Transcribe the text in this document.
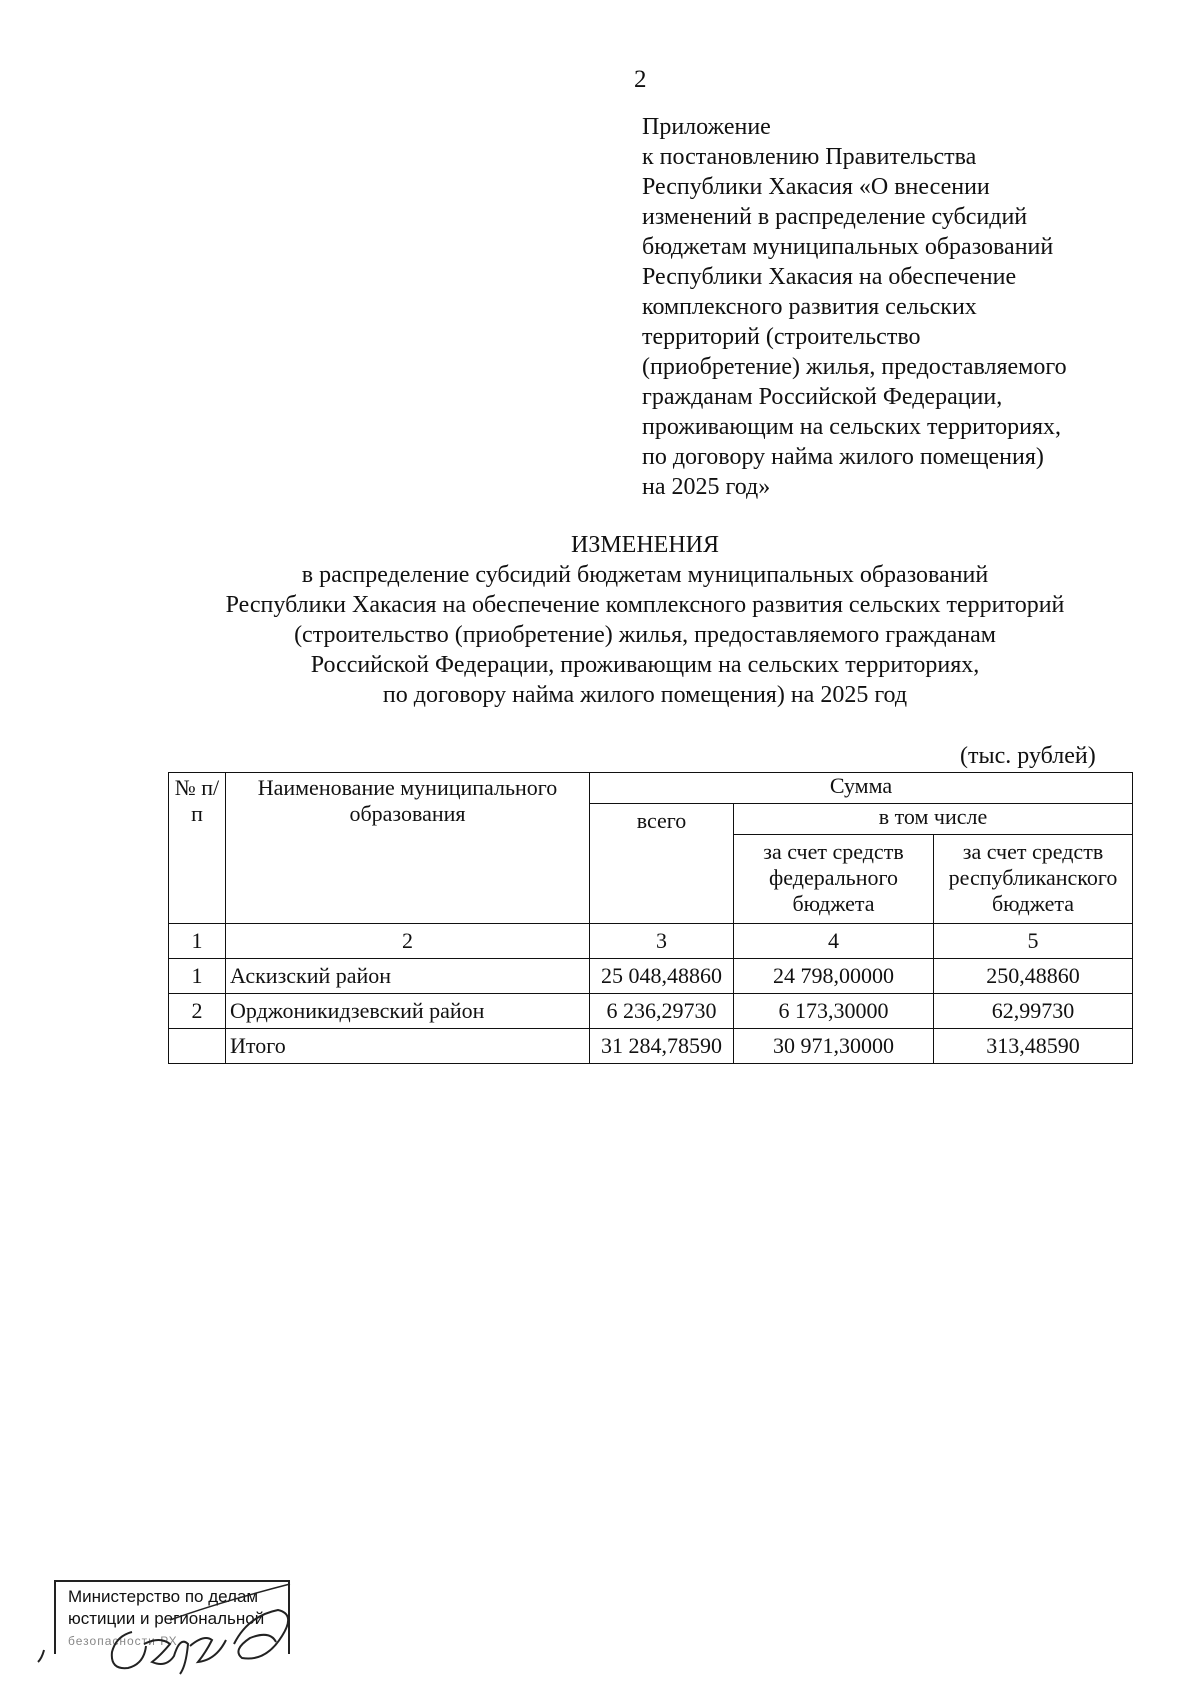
2
Приложение
к постановлению Правительства
Республики Хакасия «О внесении
изменений в распределение субсидий
бюджетам муниципальных образований
Республики Хакасия на обеспечение
комплексного развития сельских
территорий (строительство
(приобретение) жилья, предоставляемого
гражданам Российской Федерации,
проживающим на сельских территориях,
по договору найма жилого помещения)
на 2025 год»
ИЗМЕНЕНИЯ
в распределение субсидий бюджетам муниципальных образований
Республики Хакасия на обеспечение комплексного развития сельских территорий
(строительство (приобретение) жилья, предоставляемого гражданам
Российской Федерации, проживающим на сельских территориях,
по договору найма жилого помещения) на 2025 год
(тыс. рублей)
№ п/п	Наименование муниципального образования	Сумма		
		всего	в том числе	
			за счет средств федерального бюджета	за счет средств республиканского бюджета
1	2	3	4	5
1	Аскизский район	25 048,48860	24 798,00000	250,48860
2	Орджоникидзевский район	6 236,29730	6 173,30000	62,99730
	Итого	31 284,78590	30 971,30000	313,48590
Министерство по делам
юстиции и региональной
безопасности РХ
